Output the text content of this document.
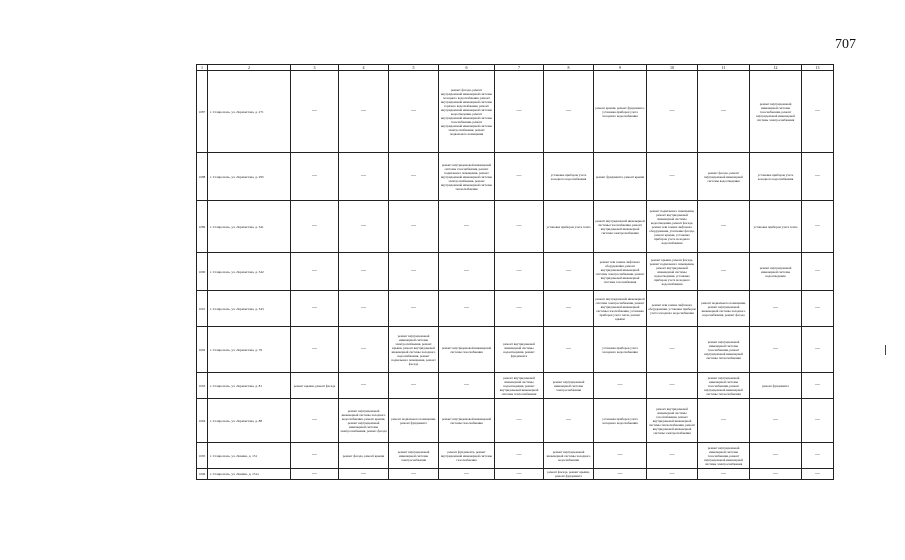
707
1	2	3	4	5	6	7	8	9	10	11	12	13
1087	г. Ставрополь, ул. Лермонтова, д. 271	—	—	—	ремонт фасада, ремонт внутридомовой инженерной системы холодного водоснабжения, ремонт внутридомовой инженерной системы горячего водоснабжения, ремонт внутридомовой инженерной системы водоотведения, ремонт внутридомовой инженерной системы газоснабжения, ремонт внутридомовой инженерной системы электроснабжения, ремонт подвального помещения	—	—	ремонт крыши, ремонт фундамента, установка приборов учета холодного водоснабжения	—	—	ремонт внутридомовой инженерной системы газоснабжения, ремонт внутридомовой инженерной системы электроснабжения	—
1088	г. Ставрополь, ул. Лермонтова, д. 295	—	—	—	ремонт внутридомовой инженерной системы газоснабжения, ремонт подвального помещения, ремонт внутридомовой инженерной системы электроснабжения, ремонт внутридомовой инженерной системы теплоснабжения	—	установка приборов учета холодного водоснабжения	ремонт фундамента, ремонт крыши	—	ремонт фасада, ремонт внутридомовой инженерной системы водоотведения	установка приборов учета холодного водоснабжения	—
1089	г. Ставрополь, ул. Лермонтова, д. 341	—	—	—	—	—	установка приборов учета тепла	ремонт внутридомовой инженерной системы газоснабжения, ремонт внутридомовой инженерной системы электроснабжения	ремонт подвального помещения, ремонт внутридомовой инженерной системы водоотведения, ремонт фасада, ремонт или замена лифтового оборудования, утепление фасада, ремонт крыши, установка приборов учета холодного водоснабжения	—	установка приборов учета тепла	—
1090	г. Ставрополь, ул. Лермонтова, д. 342	—	—	—	—	—	—	ремонт или замена лифтового оборудования, ремонт внутридомовой инженерной системы электроснабжения, ремонт внутридомовой инженерной системы газоснабжения	ремонт крыши, ремонт фасада, ремонт подвального помещения, ремонт внутридомовой инженерной системы водоотведения, установка приборов учета холодного водоснабжения	—	ремонт внутридомовой инженерной системы водоотведения	—
1091	г. Ставрополь, ул. Лермонтова, д. 343	—	—	—	—	—	—	ремонт внутридомовой инженерной системы электроснабжения, ремонт внутридомовой инженерной системы газоснабжения, установка приборов учета тепла, ремонт крыши	ремонт или замена лифтового оборудования, установка приборов учета холодного водоснабжения	ремонт подвального помещения, ремонт внутридомовой инженерной системы холодного водоснабжения, ремонт фасада	—	—
1092	г. Ставрополь, ул. Лермонтова, д. 79	—	—	ремонт внутридомовой инженерной системы электроснабжения, ремонт крыши, ремонт внутридомовой инженерной системы холодного водоснабжения, ремонт подвального помещения, ремонт фасада	ремонт внутридомовой инженерной системы газоснабжения	ремонт внутридомовой инженерной системы водоотведения, ремонт фундамента	—	установка приборов учета холодного водоснабжения	—	ремонт внутридомовой инженерной системы газоснабжения, ремонт внутридомовой инженерной системы теплоснабжения	—	—
1093	г. Ставрополь, ул. Лермонтова, д. 81	ремонт крыши, ремонт фасада	—	—	—	ремонт внутридомовой инженерной системы водоотведения, ремонт внутридомовой инженерной системы теплоснабжения	ремонт внутридомовой инженерной системы электроснабжения	—	—	ремонт внутридомовой инженерной системы газоснабжения, ремонт внутридомовой инженерной системы теплоснабжения	ремонт фундамента	—
1094	г. Ставрополь, ул. Лермонтова, д. 88	—	ремонт внутридомовой инженерной системы холодного водоснабжения, ремонт крыши, ремонт внутридомовой инженерной системы электроснабжения, ремонт фасада	ремонт подвального помещения, ремонт фундамента	ремонт внутридомовой инженерной системы газоснабжения	—	—	установка приборов учета холодного водоснабжения	ремонт внутридомовой инженерной системы газоснабжения, ремонт внутридомовой инженерной системы теплоснабжения, ремонт внутридомовой инженерной системы электроснабжения	—	—	—
1095	г. Ставрополь, ул. Ленина, д. 131	—	ремонт фасада, ремонт крыши	ремонт внутридомовой инженерной системы электроснабжения	ремонт фундамента, ремонт внутридомовой инженерной системы газоснабжения	—	ремонт внутридомовой инженерной системы холодного водоснабжения	—	—	ремонт внутридомовой инженерной системы газоснабжения, ремонт внутридомовой инженерной системы электроснабжения	—	—
1096	г. Ставрополь, ул. Ленина, д. 131а	—	—	—	—	—	ремонт фасада, ремонт крыши, ремонт фундамента	—	—	—	—	—
